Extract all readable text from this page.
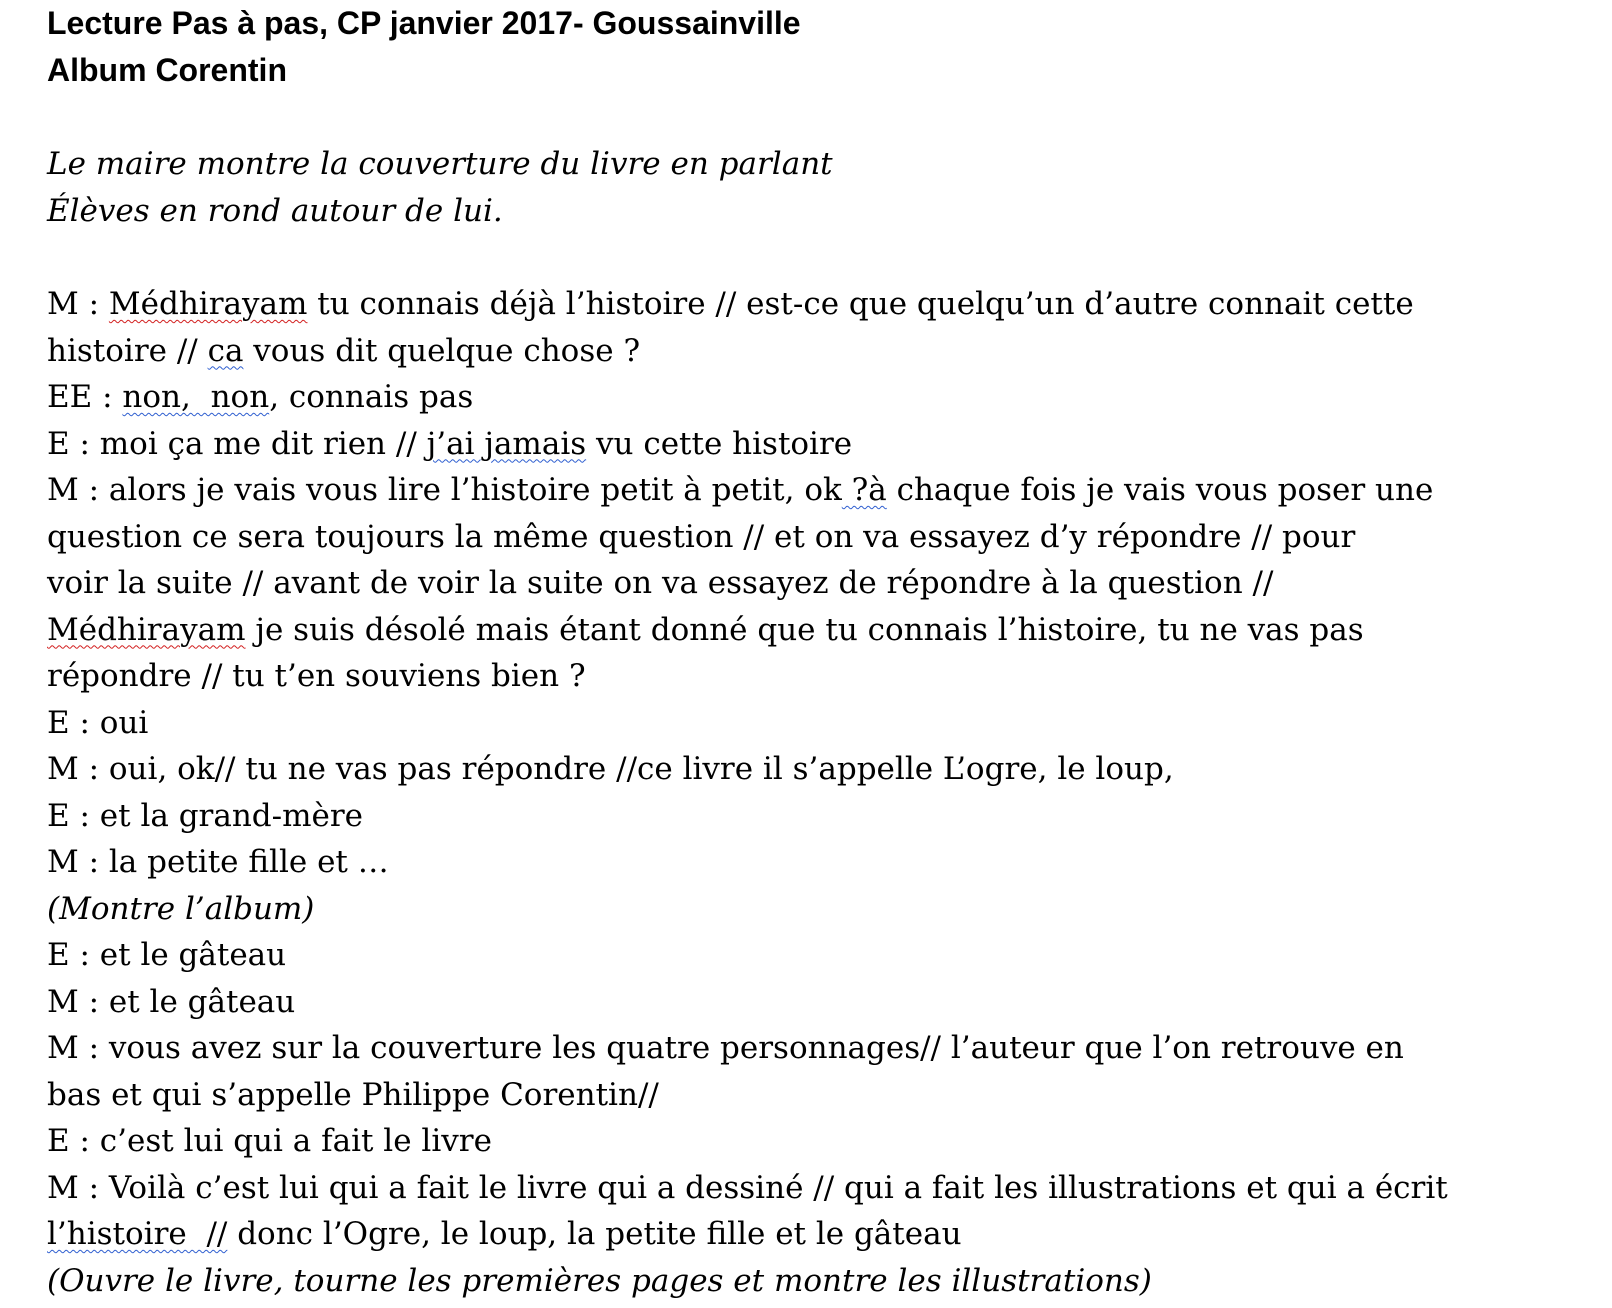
Lecture Pas à pas, CP janvier 2017- Goussainville

Album Corentin

Le maire montre la couverture du livre en parlant

Élèves en rond autour de lui.

M : Médhirayam tu connais déjà l’histoire // est-ce que quelqu’un d’autre connait cette

histoire // ca vous dit quelque chose ?

EE : non,  non, connais pas

E : moi ça me dit rien // j’ai jamais vu cette histoire

M : alors je vais vous lire l’histoire petit à petit, ok ?à chaque fois je vais vous poser une

question ce sera toujours la même question // et on va essayez d’y répondre // pour

voir la suite // avant de voir la suite on va essayez de répondre à la question //

Médhirayam je suis désolé mais étant donné que tu connais l’histoire, tu ne vas pas

répondre // tu t’en souviens bien ?

E : oui

M : oui, ok// tu ne vas pas répondre //ce livre il s’appelle L’ogre, le loup,

E : et la grand-mère

M : la petite fille et …

(Montre l’album)

E : et le gâteau

M : et le gâteau

M : vous avez sur la couverture les quatre personnages// l’auteur que l’on retrouve en

bas et qui s’appelle Philippe Corentin//

E : c’est lui qui a fait le livre

M : Voilà c’est lui qui a fait le livre qui a dessiné // qui a fait les illustrations et qui a écrit

l’histoire  // donc l’Ogre, le loup, la petite fille et le gâteau

(Ouvre le livre, tourne les premières pages et montre les illustrations)
